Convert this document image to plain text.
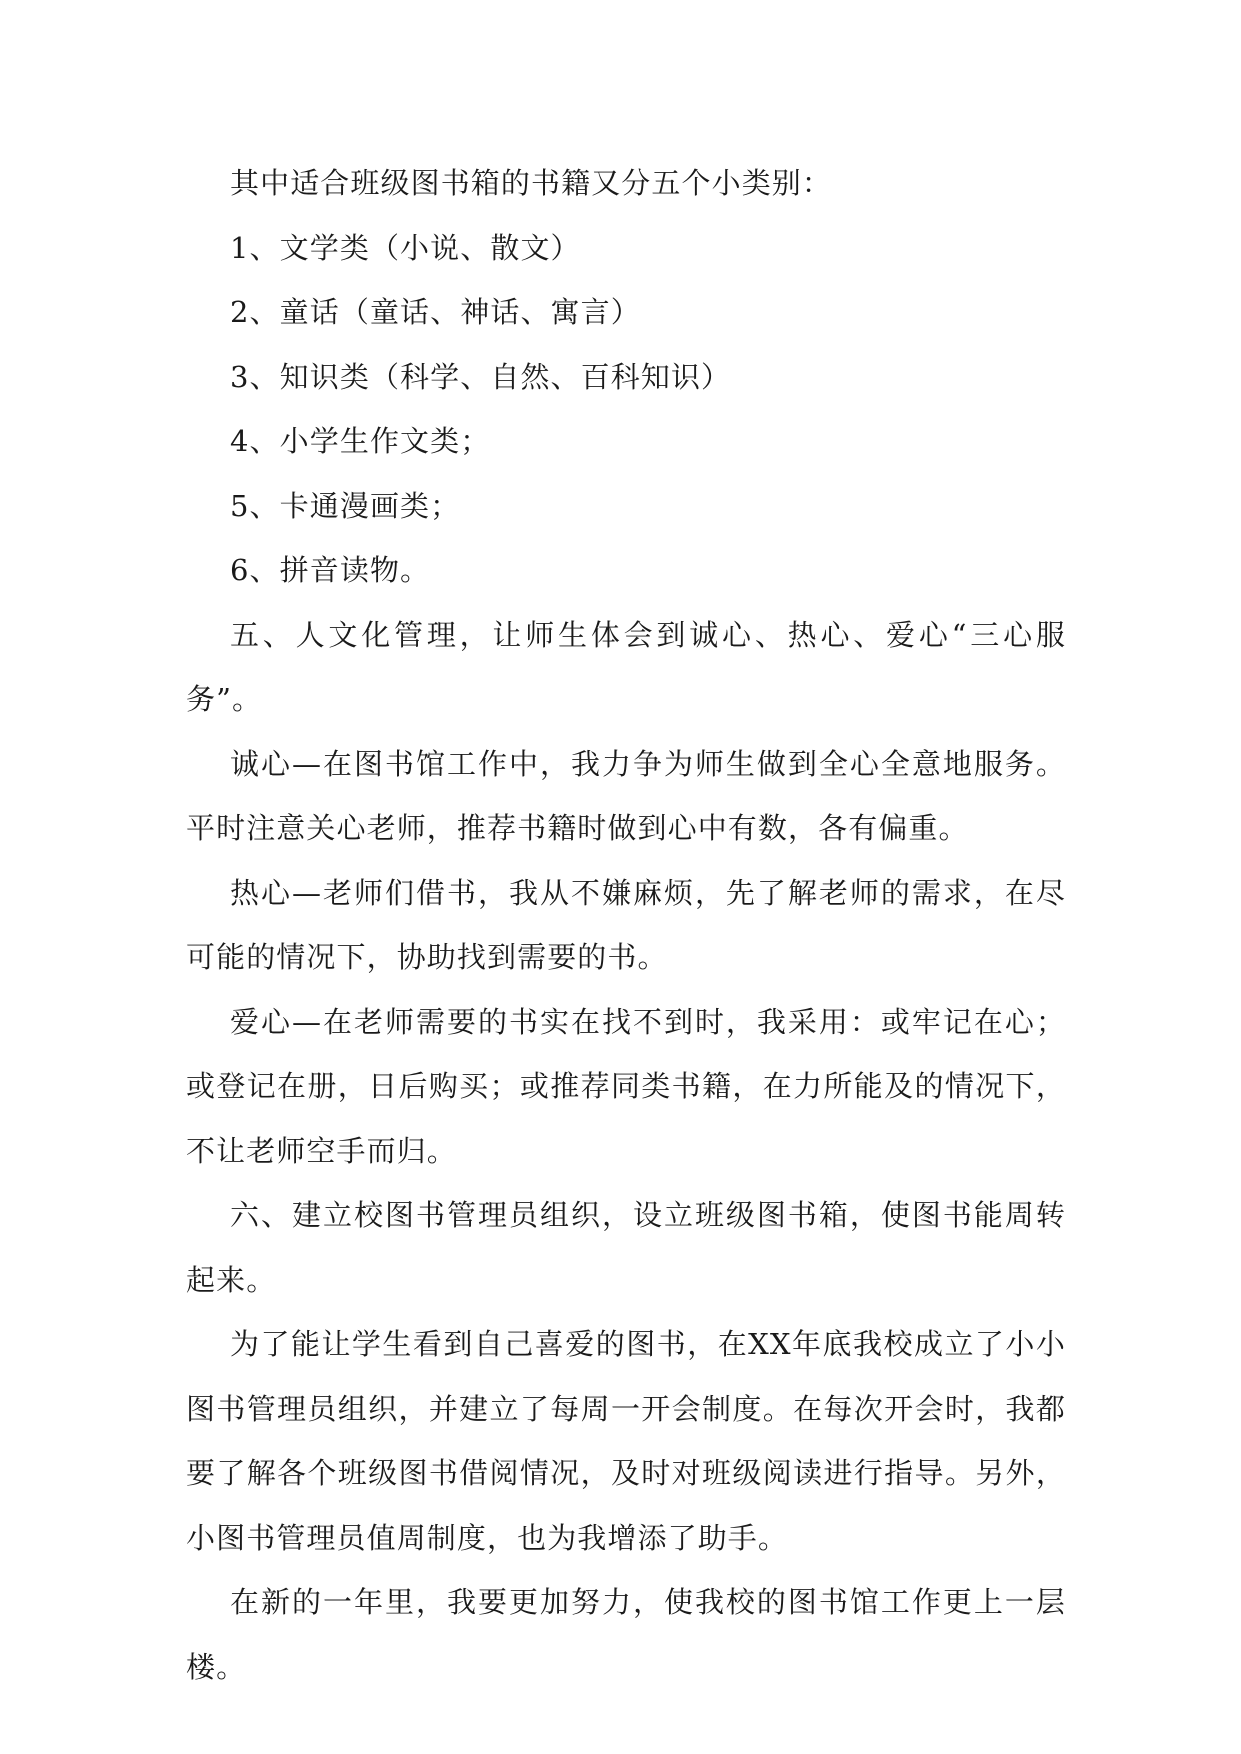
其中适合班级图书箱的书籍又分五个小类别：

1、文学类（小说、散文）

2、童话（童话、神话、寓言）

3、知识类（科学、自然、百科知识）

4、小学生作文类；

5、卡通漫画类；

6、拼音读物。

五、人文化管理，让师生体会到诚心、热心、爱心“三心服务”。

诚心—在图书馆工作中，我力争为师生做到全心全意地服务。平时注意关心老师，推荐书籍时做到心中有数，各有偏重。

热心—老师们借书，我从不嫌麻烦，先了解老师的需求，在尽可能的情况下，协助找到需要的书。

爱心—在老师需要的书实在找不到时，我采用：或牢记在心；或登记在册，日后购买；或推荐同类书籍，在力所能及的情况下，不让老师空手而归。

六、建立校图书管理员组织，设立班级图书箱，使图书能周转起来。

为了能让学生看到自己喜爱的图书，在XX年底我校成立了小小图书管理员组织，并建立了每周一开会制度。在每次开会时，我都要了解各个班级图书借阅情况，及时对班级阅读进行指导。另外，小图书管理员值周制度，也为我增添了助手。

在新的一年里，我要更加努力，使我校的图书馆工作更上一层楼。
